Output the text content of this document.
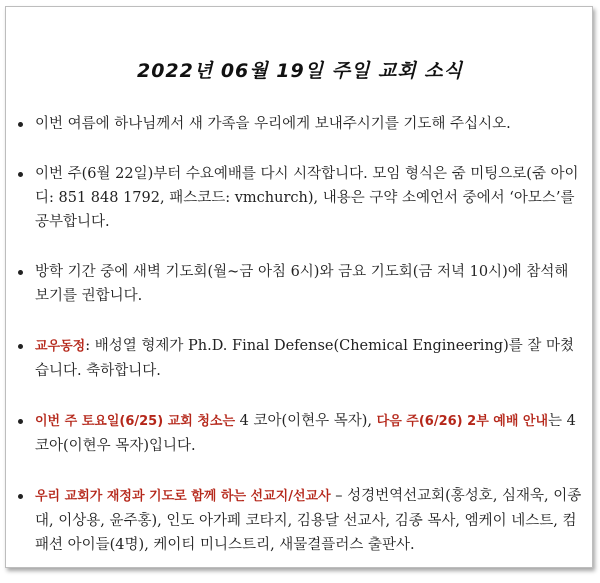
2022년 06월 19일 주일 교회 소식
이번 여름에 하나님께서 새 가족을 우리에게 보내주시기를 기도해 주십시오.
이번 주(6월 22일)부터 수요예배를 다시 시작합니다. 모임 형식은 줌 미팅으로(줌 아이디: 851 848 1792, 패스코드: vmchurch), 내용은 구약 소예언서 중에서 ‘아모스’를 공부합니다.
방학 기간 중에 새벽 기도회(월~금 아침 6시)와 금요 기도회(금 저녁 10시)에 참석해 보기를 권합니다.
교우동정: 배성열 형제가 Ph.D. Final Defense(Chemical Engineering)를 잘 마쳤습니다. 축하합니다.
이번 주 토요일(6/25) 교회 청소는 4 코아(이현우 목자), 다음 주(6/26) 2부 예배 안내는 4코아(이현우 목자)입니다.
우리 교회가 재정과 기도로 함께 하는 선교지/선교사 – 성경번역선교회(홍성호, 심재욱, 이종대, 이상용, 윤주홍), 인도 아가페 코타지, 김용달 선교사, 김종 목사, 엠케이 네스트, 컴패션 아이들(4명), 케이티 미니스트리, 새물결플러스 출판사.
